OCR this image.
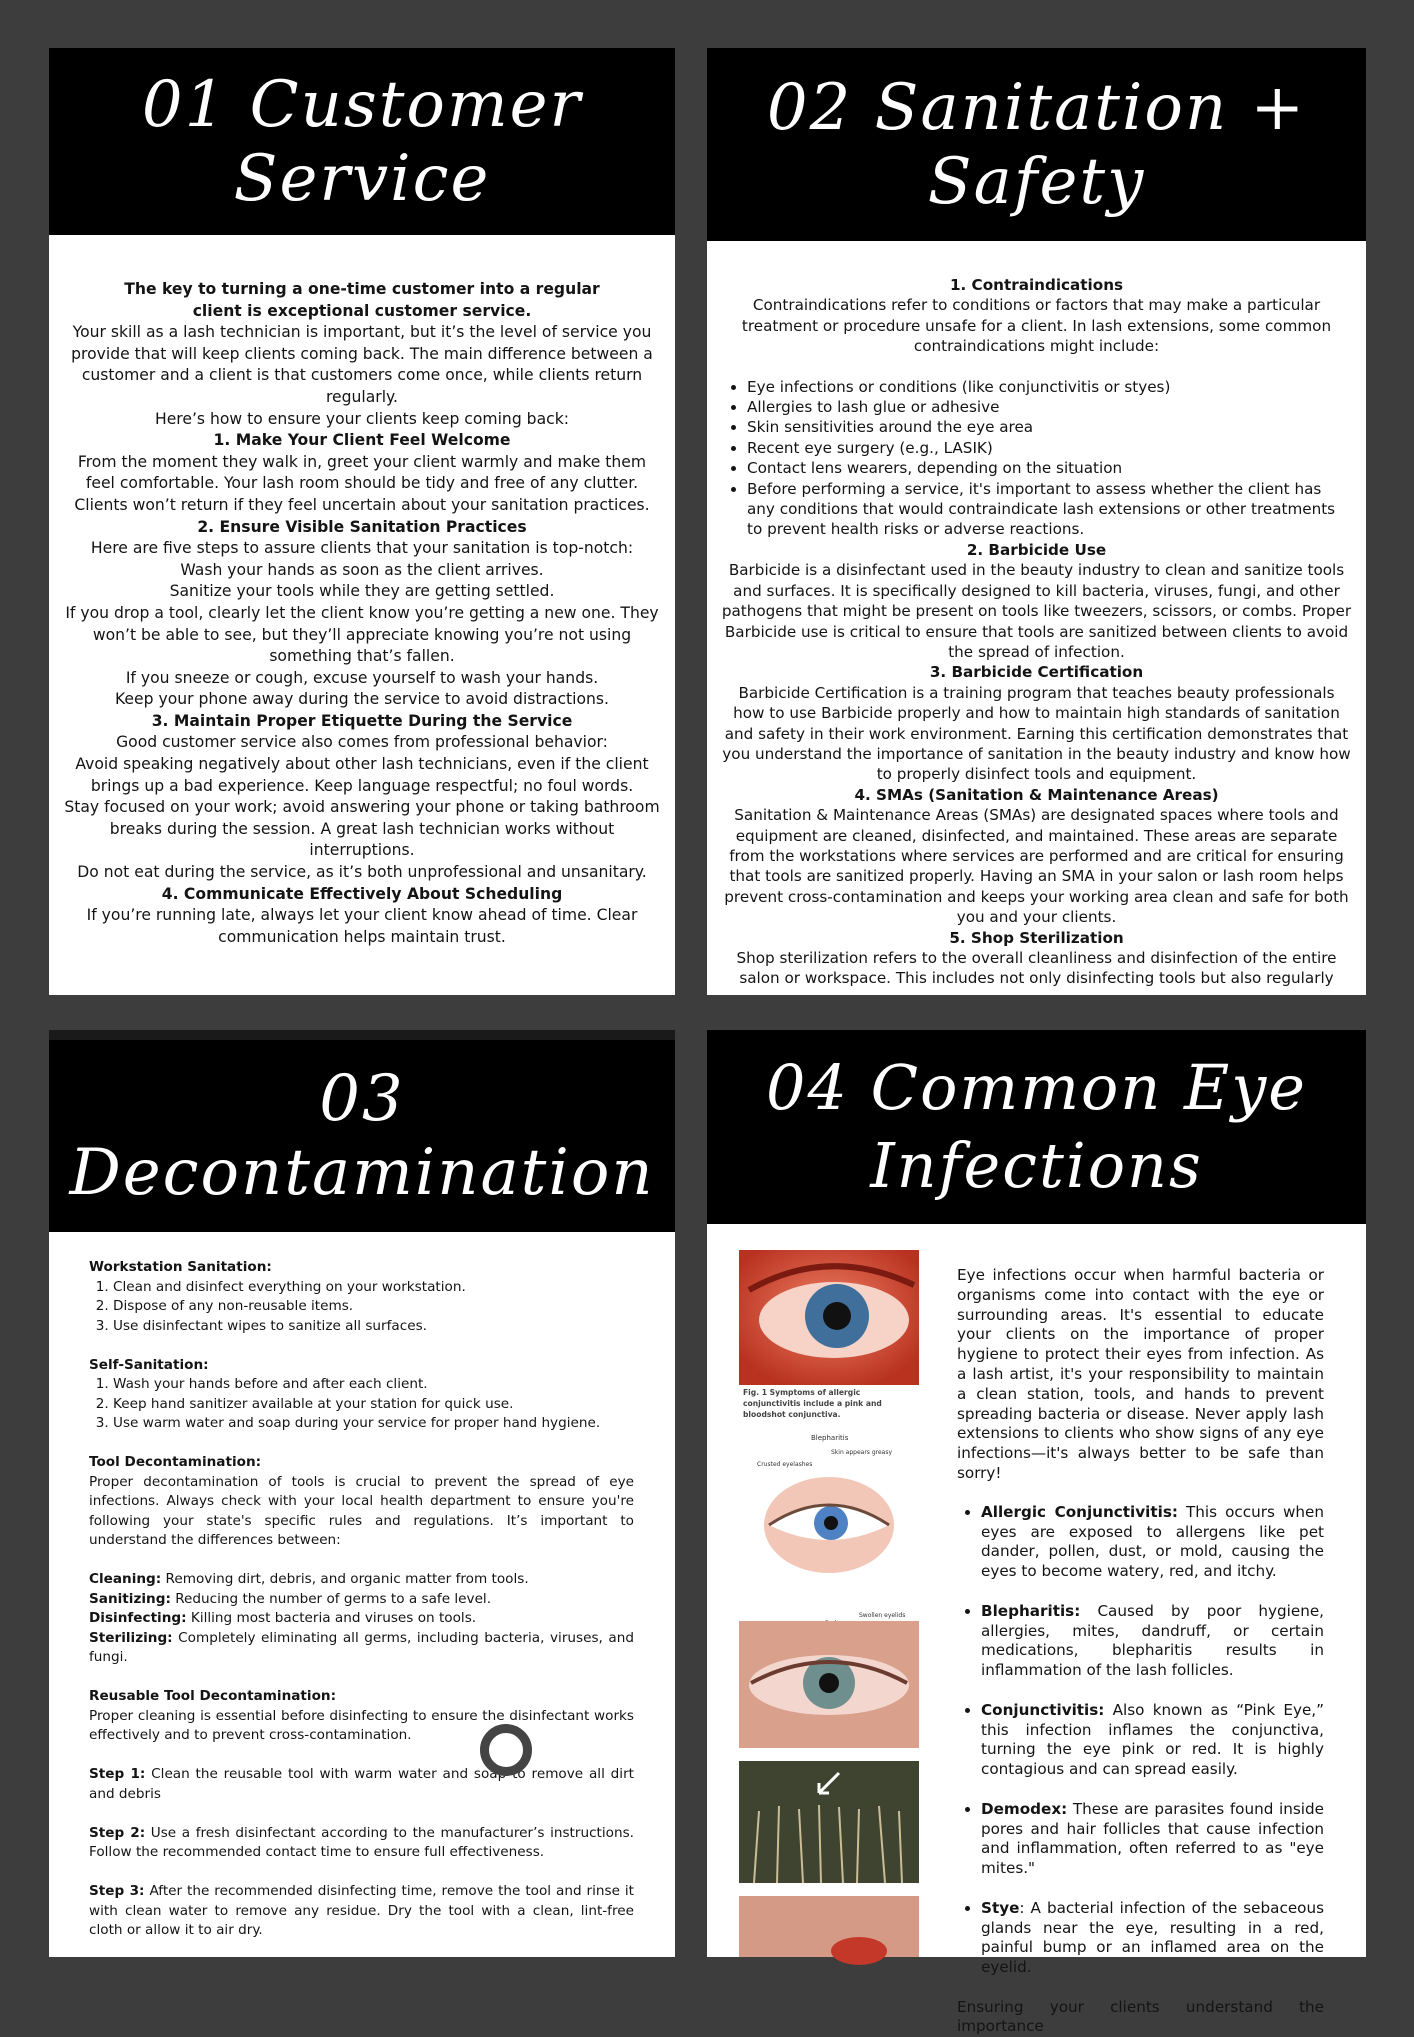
01 Customer Service
The key to turning a one-time customer into a regular client is exceptional customer service.
Your skill as a lash technician is important, but it’s the level of service you provide that will keep clients coming back. The main difference between a customer and a client is that customers come once, while clients return regularly.
Here’s how to ensure your clients keep coming back:
1. Make Your Client Feel Welcome
From the moment they walk in, greet your client warmly and make them feel comfortable. Your lash room should be tidy and free of any clutter. Clients won’t return if they feel uncertain about your sanitation practices.
2. Ensure Visible Sanitation Practices
Here are five steps to assure clients that your sanitation is top-notch:
Wash your hands as soon as the client arrives.
Sanitize your tools while they are getting settled.
If you drop a tool, clearly let the client know you’re getting a new one. They won’t be able to see, but they’ll appreciate knowing you’re not using something that’s fallen.
If you sneeze or cough, excuse yourself to wash your hands.
Keep your phone away during the service to avoid distractions.
3. Maintain Proper Etiquette During the Service
Good customer service also comes from professional behavior:
Avoid speaking negatively about other lash technicians, even if the client brings up a bad experience. Keep language respectful; no foul words.
Stay focused on your work; avoid answering your phone or taking bathroom breaks during the session. A great lash technician works without interruptions.
Do not eat during the service, as it’s both unprofessional and unsanitary.
4. Communicate Effectively About Scheduling
If you’re running late, always let your client know ahead of time. Clear communication helps maintain trust.
02 Sanitation + Safety
1. Contraindications
Contraindications refer to conditions or factors that may make a particular treatment or procedure unsafe for a client. In lash extensions, some common contraindications might include:
• Eye infections or conditions (like conjunctivitis or styes)
• Allergies to lash glue or adhesive
• Skin sensitivities around the eye area
• Recent eye surgery (e.g., LASIK)
• Contact lens wearers, depending on the situation
• Before performing a service, it's important to assess whether the client has any conditions that would contraindicate lash extensions or other treatments to prevent health risks or adverse reactions.
2. Barbicide Use
Barbicide is a disinfectant used in the beauty industry to clean and sanitize tools and surfaces. It is specifically designed to kill bacteria, viruses, fungi, and other pathogens that might be present on tools like tweezers, scissors, or combs. Proper Barbicide use is critical to ensure that tools are sanitized between clients to avoid the spread of infection.
3. Barbicide Certification
Barbicide Certification is a training program that teaches beauty professionals how to use Barbicide properly and how to maintain high standards of sanitation and safety in their work environment. Earning this certification demonstrates that you understand the importance of sanitation in the beauty industry and know how to properly disinfect tools and equipment.
4. SMAs (Sanitation & Maintenance Areas)
Sanitation & Maintenance Areas (SMAs) are designated spaces where tools and equipment are cleaned, disinfected, and maintained. These areas are separate from the workstations where services are performed and are critical for ensuring that tools are sanitized properly. Having an SMA in your salon or lash room helps prevent cross-contamination and keeps your working area clean and safe for both you and your clients.
5. Shop Sterilization
Shop sterilization refers to the overall cleanliness and disinfection of the entire salon or workspace. This includes not only disinfecting tools but also regularly
03 Decontamination
Workstation Sanitation:
1. Clean and disinfect everything on your workstation.
2. Dispose of any non-reusable items.
3. Use disinfectant wipes to sanitize all surfaces.
Self-Sanitation:
1. Wash your hands before and after each client.
2. Keep hand sanitizer available at your station for quick use.
3. Use warm water and soap during your service for proper hand hygiene.
Tool Decontamination:
Proper decontamination of tools is crucial to prevent the spread of eye infections. Always check with your local health department to ensure you're following your state's specific rules and regulations. It’s important to understand the differences between:
Cleaning: Removing dirt, debris, and organic matter from tools.
Sanitizing: Reducing the number of germs to a safe level.
Disinfecting: Killing most bacteria and viruses on tools.
Sterilizing: Completely eliminating all germs, including bacteria, viruses, and fungi.
Reusable Tool Decontamination:
Proper cleaning is essential before disinfecting to ensure the disinfectant works effectively and to prevent cross-contamination.
Step 1: Clean the reusable tool with warm water and soap to remove all dirt and debris
Step 2: Use a fresh disinfectant according to the manufacturer’s instructions. Follow the recommended contact time to ensure full effectiveness.
Step 3: After the recommended disinfecting time, remove the tool and rinse it with clean water to remove any residue. Dry the tool with a clean, lint-free cloth or allow it to air dry.
04 Common Eye
Infections
Fig. 1 Symptoms of allergic conjunctivitis include a pink and bloodshot conjunctiva.
Blepharitis
Skin appears greasy
Crusted eyelashes
Swollen eyelids
Eye infections occur when harmful bacteria or organisms come into contact with the eye or surrounding areas. It's essential to educate your clients on the importance of proper hygiene to protect their eyes from infection. As a lash artist, it's your responsibility to maintain a clean station, tools, and hands to prevent spreading bacteria or disease. Never apply lash extensions to clients who show signs of any eye infections—it's always better to be safe than sorry!
• Allergic Conjunctivitis: This occurs when eyes are exposed to allergens like pet dander, pollen, dust, or mold, causing the eyes to become watery, red, and itchy.
• Blepharitis: Caused by poor hygiene, allergies, mites, dandruff, or certain medications, blepharitis results in inflammation of the lash follicles.
• Conjunctivitis: Also known as “Pink Eye,” this infection inflames the conjunctiva, turning the eye pink or red. It is highly contagious and can spread easily.
• Demodex: These are parasites found inside pores and hair follicles that cause infection and inflammation, often referred to as "eye mites."
• Stye: A bacterial infection of the sebaceous glands near the eye, resulting in a red, painful bump or an inflamed area on the eyelid.
Ensuring your clients understand the importance
